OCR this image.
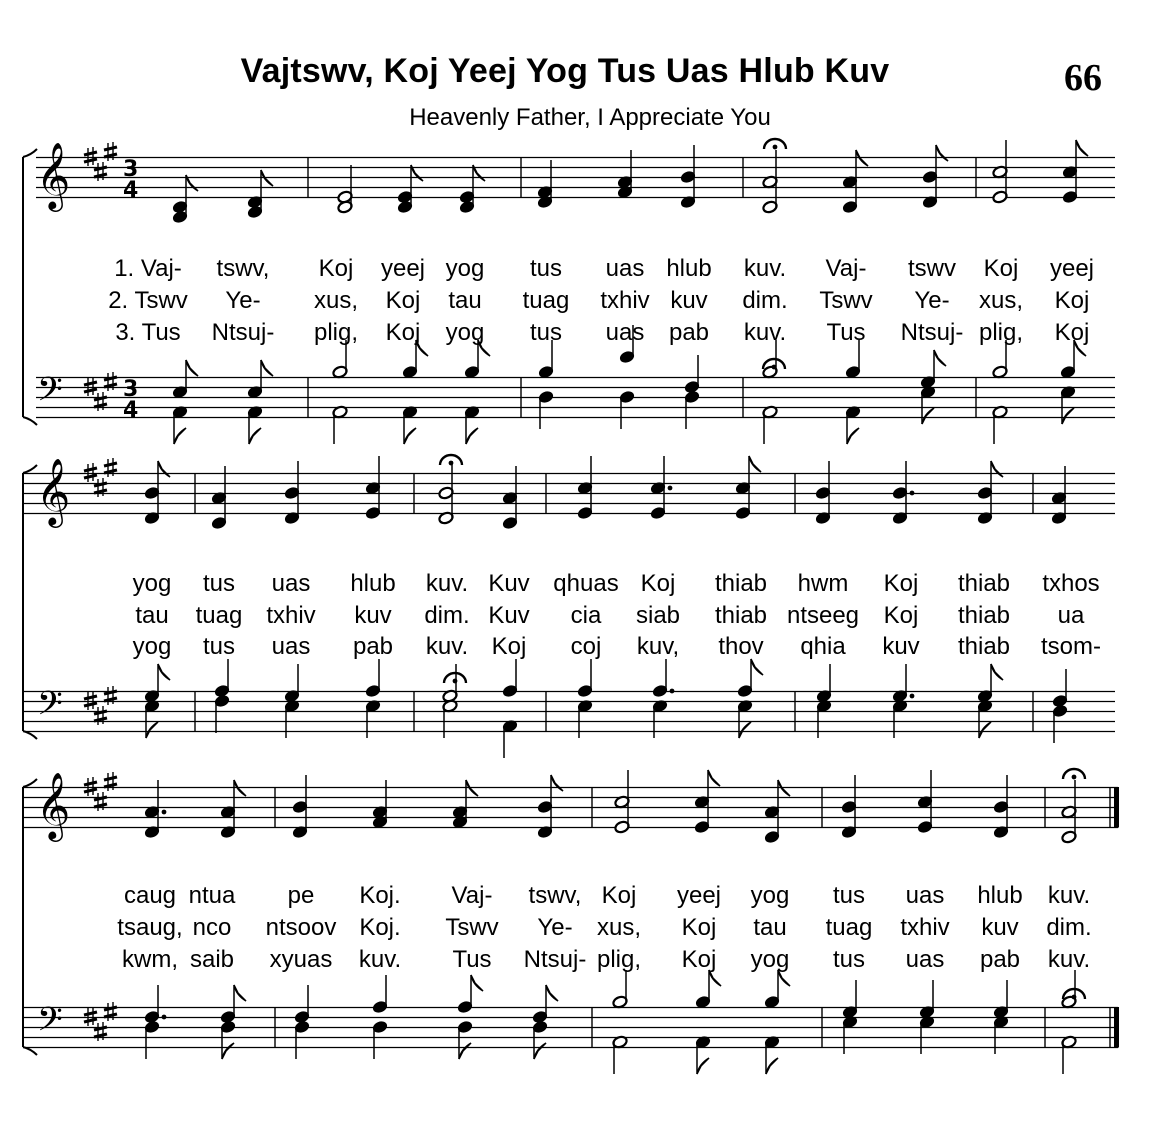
Vajtswv, Koj Yeej Yog Tus Uas Hlub Kuv	66
Heavenly Father, I Appreciate You
𝄞
𝄢
3
4
3
4
𝄞
𝄢
𝄞
𝄢
1. Vaj- tswv, Koj yeej yog tus uas hlub kuv. Vaj- tswv Koj yeej
2. Tswv Ye- xus, Koj tau tuag txhiv kuv dim. Tswv Ye- xus, Koj
3. Tus Ntsuj- plig, Koj yog tus uas pab kuv. Tus Ntsuj- plig, Koj
yog tus uas hlub kuv. Kuv qhuas Koj thiab hwm Koj thiab txhos
tau tuag txhiv kuv dim. Kuv cia siab thiab ntseeg Koj thiab ua
yog tus uas pab kuv. Koj coj kuv, thov qhia kuv thiab tsom-
caug ntua pe Koj. Vaj- tswv, Koj yeej yog tus uas hlub kuv.
tsaug, nco ntsoov Koj. Tswv Ye- xus, Koj tau tuag txhiv kuv dim.
kwm, saib xyuas kuv. Tus Ntsuj- plig, Koj yog tus uas pab kuv.
